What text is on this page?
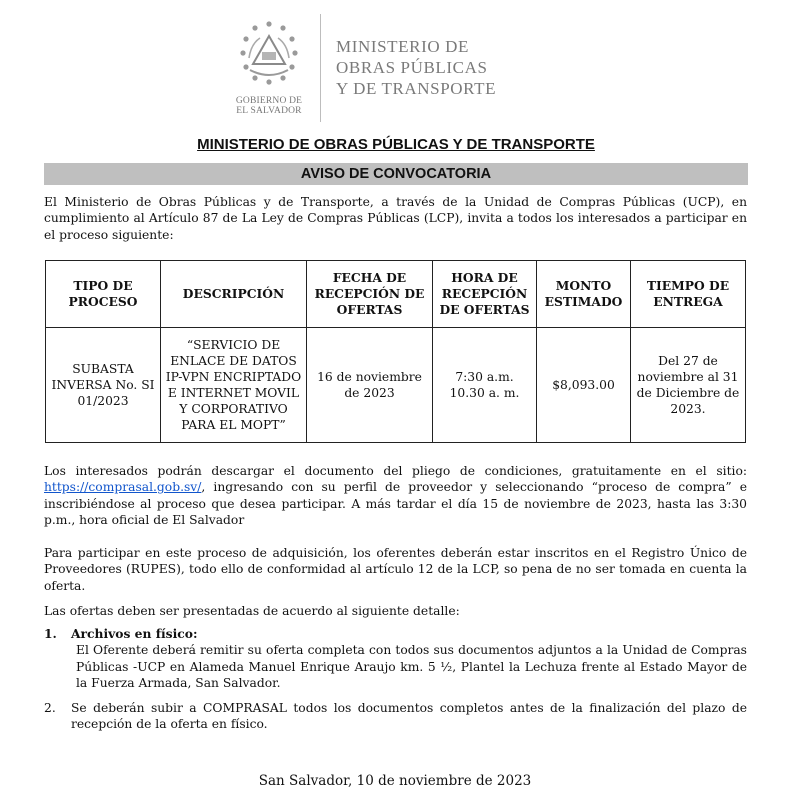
GOBIERNO DE
EL SALVADOR
MINISTERIO DE
OBRAS PÚBLICAS
Y DE TRANSPORTE
MINISTERIO DE OBRAS PÚBLICAS Y DE TRANSPORTE
AVISO DE CONVOCATORIA

El Ministerio de Obras Públicas y de Transporte, a través de la Unidad de Compras Públicas (UCP), en cumplimiento al Artículo 87 de La Ley de Compras Públicas (LCP), invita a todos los interesados a participar en el proceso siguiente:

TIPO DE PROCESO	DESCRIPCIÓN	FECHA DE RECEPCIÓN DE OFERTAS	HORA DE RECEPCIÓN DE OFERTAS	MONTO ESTIMADO	TIEMPO DE ENTREGA
SUBASTA INVERSA No. SI 01/2023	“SERVICIO DE ENLACE DE DATOS IP-VPN ENCRIPTADO E INTERNET MOVIL Y CORPORATIVO PARA EL MOPT”	16 de noviembre de 2023	7:30 a.m. 10.30 a. m.	$8,093.00	Del 27 de noviembre al 31 de Diciembre de 2023.

Los interesados podrán descargar el documento del pliego de condiciones, gratuitamente en el sitio: https://comprasal.gob.sv/, ingresando con su perfil de proveedor y seleccionando “proceso de compra” e inscribiéndose al proceso que desea participar. A más tardar el día 15 de noviembre de 2023, hasta las 3:30 p.m., hora oficial de El Salvador

Para participar en este proceso de adquisición, los oferentes deberán estar inscritos en el Registro Único de Proveedores (RUPES), todo ello de conformidad al artículo 12 de la LCP, so pena de no ser tomada en cuenta la oferta.

Las ofertas deben ser presentadas de acuerdo al siguiente detalle:

1. Archivos en físico:
El Oferente deberá remitir su oferta completa con todos sus documentos adjuntos a la Unidad de Compras Públicas -UCP en Alameda Manuel Enrique Araujo km. 5 ½, Plantel la Lechuza frente al Estado Mayor de la Fuerza Armada, San Salvador.
2. Se deberán subir a COMPRASAL todos los documentos completos antes de la finalización del plazo de recepción de la oferta en físico.
San Salvador, 10 de noviembre de 2023
